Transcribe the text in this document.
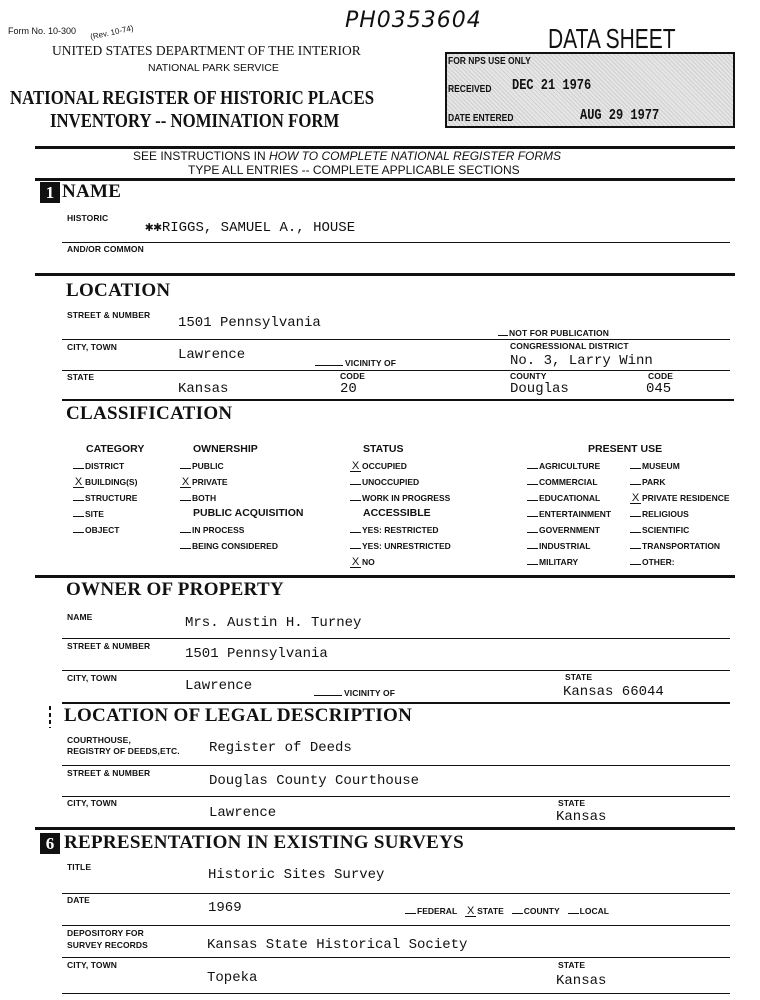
Form No. 10-300 (Rev. 10-74)	PH0353604
UNITED STATES DEPARTMENT OF THE INTERIOR
NATIONAL PARK SERVICE
NATIONAL REGISTER OF HISTORIC PLACES
INVENTORY -- NOMINATION FORM
DATA SHEET
FOR NPS USE ONLY
RECEIVED DEC 21 1976
DATE ENTERED	AUG 29 1977
SEE INSTRUCTIONS IN HOW TO COMPLETE NATIONAL REGISTER FORMS
TYPE ALL ENTRIES -- COMPLETE APPLICABLE SECTIONS
1 NAME
HISTORIC
✱✱RIGGS, SAMUEL A., HOUSE
AND/OR COMMON
LOCATION
STREET & NUMBER 1501 Pennsylvania
NOT FOR PUBLICATION
CITY, TOWN	Lawrence	VICINITY OF
CONGRESSIONAL DISTRICT
No. 3, Larry Winn
STATE
Kansas
CODE
20
COUNTY
Douglas
CODE
045
CLASSIFICATION
CATEGORY
DISTRICT
X BUILDING(S)
STRUCTURE
SITE
OBJECT
OWNERSHIP
PUBLIC
X PRIVATE
BOTH
PUBLIC ACQUISITION
IN PROCESS
BEING CONSIDERED
STATUS
X OCCUPIED
UNOCCUPIED
WORK IN PROGRESS
ACCESSIBLE
YES: RESTRICTED
YES: UNRESTRICTED
X NO
PRESENT USE
AGRICULTURE
COMMERCIAL
EDUCATIONAL
ENTERTAINMENT
GOVERNMENT
INDUSTRIAL
MILITARY
MUSEUM
PARK
X PRIVATE RESIDENCE
RELIGIOUS
SCIENTIFIC
TRANSPORTATION
OTHER:
OWNER OF PROPERTY
NAME	Mrs. Austin H. Turney
STREET & NUMBER 1501 Pennsylvania
CITY, TOWN	Lawrence	VICINITY OF
STATE
Kansas 66044
LOCATION OF LEGAL DESCRIPTION
COURTHOUSE,
REGISTRY OF DEEDS,ETC. Register of Deeds
STREET & NUMBER	Douglas County Courthouse
CITY, TOWN
Lawrence
STATE
Kansas
6 REPRESENTATION IN EXISTING SURVEYS
TITLE	Historic Sites Survey
DATE	1969	FEDERAL X STATE COUNTY LOCAL
DEPOSITORY FOR
SURVEY RECORDS	Kansas State Historical Society
CITY, TOWN
Topeka
STATE
Kansas
